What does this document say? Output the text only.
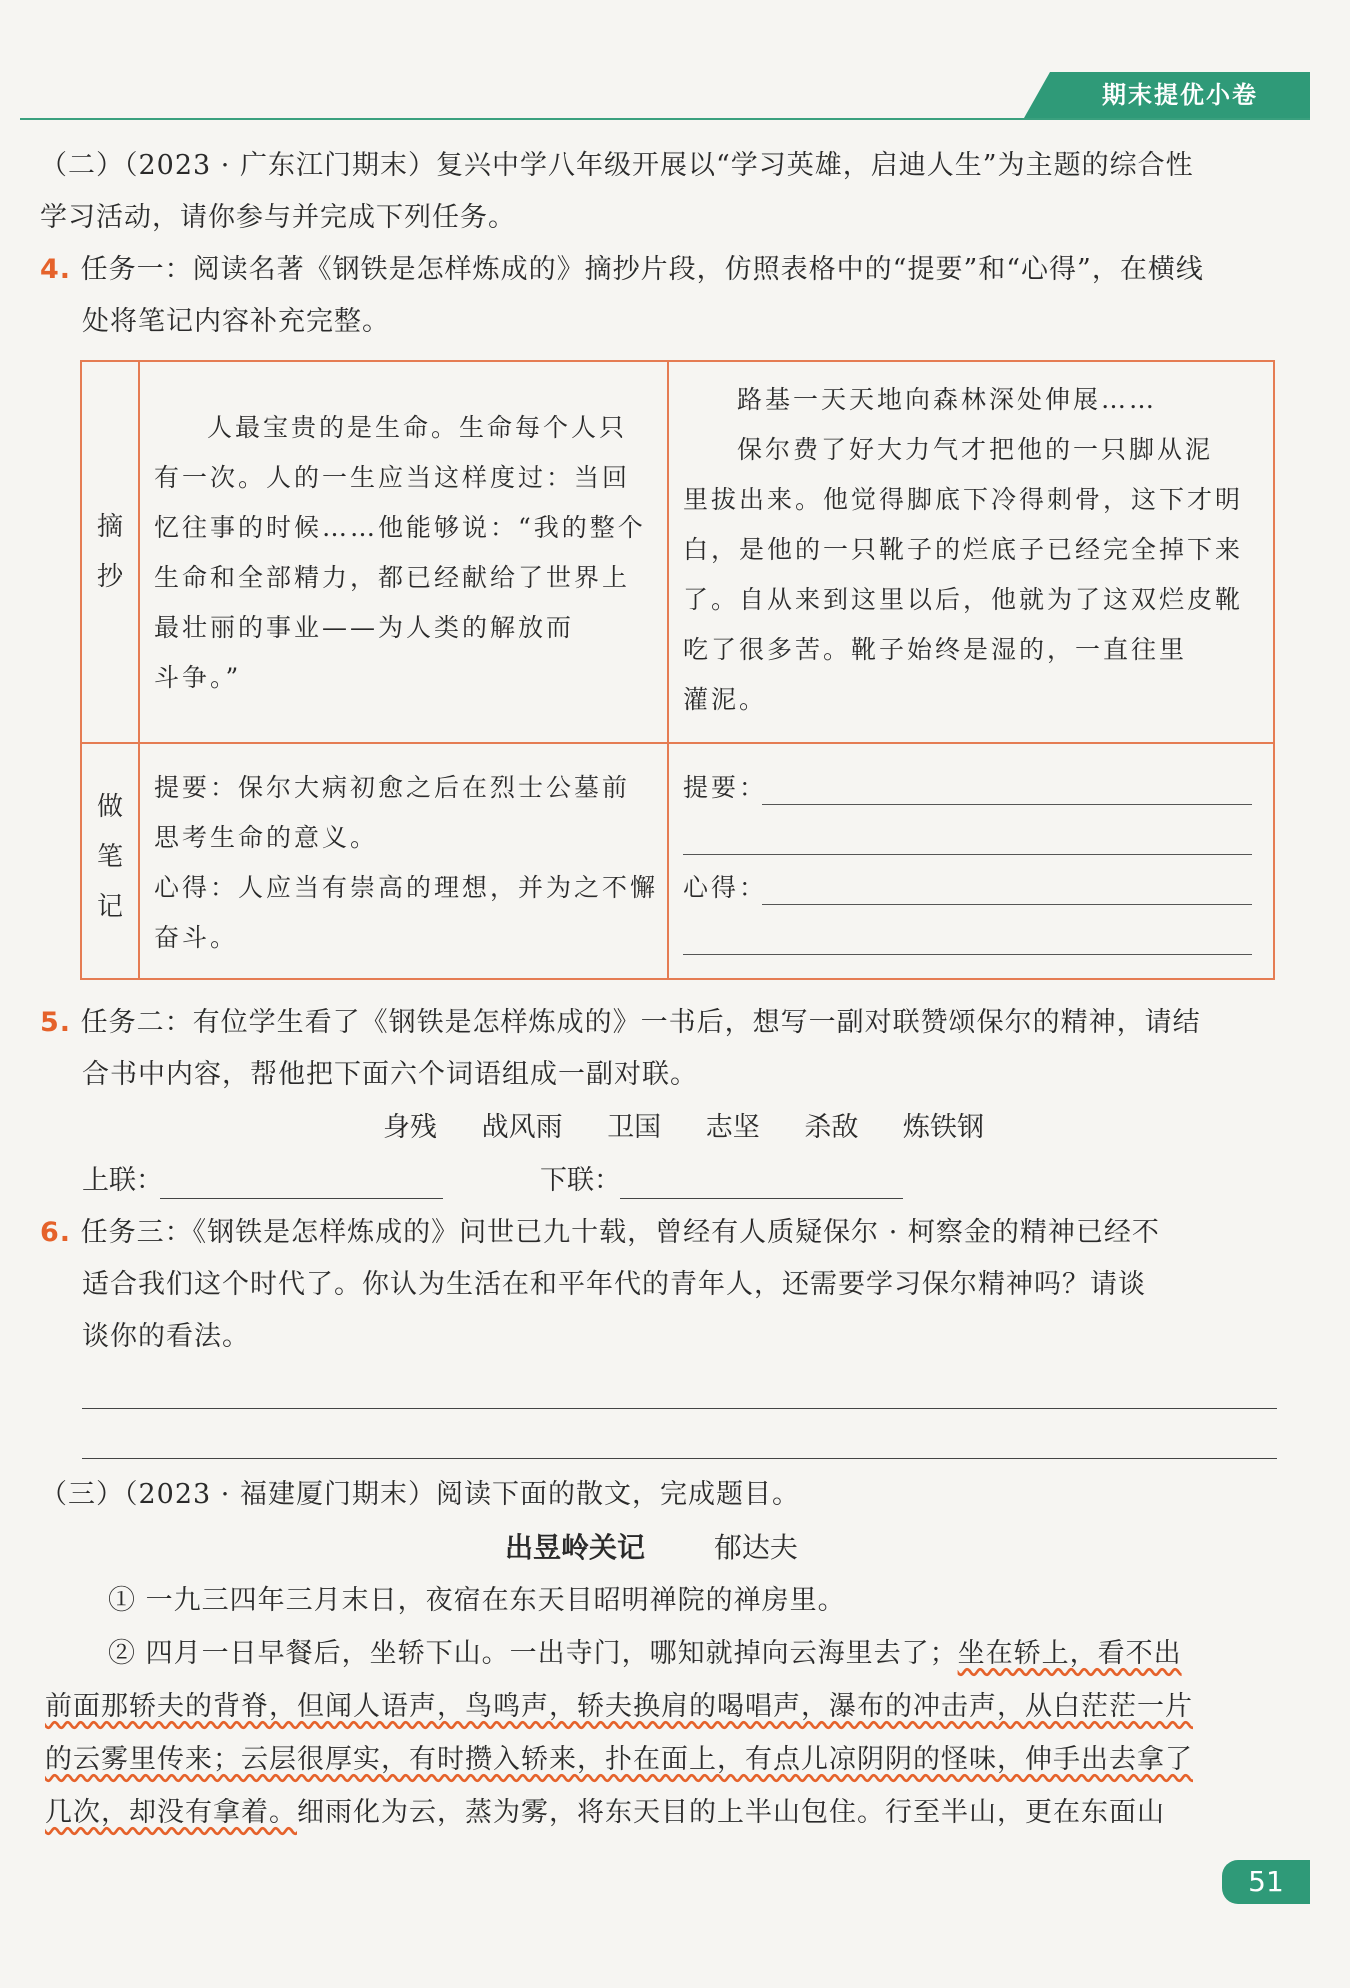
期末提优小卷
（二）（2023 · 广东江门期末）复兴中学八年级开展以“学习英雄，启迪人生”为主题的综合性
学习活动，请你参与并完成下列任务。
4. 任务一：阅读名著《钢铁是怎样炼成的》摘抄片段，仿照表格中的“提要”和“心得”，在横线
处将笔记内容补充完整。
摘
抄
做
笔
记
人最宝贵的是生命。生命每个人只
有一次。人的一生应当这样度过：当回
忆往事的时候……他能够说：“我的整个
生命和全部精力，都已经献给了世界上
最壮丽的事业——为人类的解放而
斗争。”
路基一天天地向森林深处伸展……
保尔费了好大力气才把他的一只脚从泥
里拔出来。他觉得脚底下冷得刺骨，这下才明
白，是他的一只靴子的烂底子已经完全掉下来
了。自从来到这里以后，他就为了这双烂皮靴
吃了很多苦。靴子始终是湿的，一直往里
灌泥。
提要：保尔大病初愈之后在烈士公墓前
思考生命的意义。
心得：人应当有崇高的理想，并为之不懈
奋斗。
提要：
心得：
5. 任务二：有位学生看了《钢铁是怎样炼成的》一书后，想写一副对联赞颂保尔的精神，请结
合书中内容，帮他把下面六个词语组成一副对联。
身残 战风雨 卫国 志坚 杀敌 炼铁钢
上联：	下联：
6. 任务三：《钢铁是怎样炼成的》问世已九十载，曾经有人质疑保尔 · 柯察金的精神已经不
适合我们这个时代了。你认为生活在和平年代的青年人，还需要学习保尔精神吗？请谈
谈你的看法。
（三）（2023 · 福建厦门期末）阅读下面的散文，完成题目。
出昱岭关记 郁达夫
① 一九三四年三月末日，夜宿在东天目昭明禅院的禅房里。
② 四月一日早餐后，坐轿下山。一出寺门，哪知就掉向云海里去了；坐在轿上，看不出
前面那轿夫的背脊，但闻人语声，鸟鸣声，轿夫换肩的喝唱声，瀑布的冲击声，从白茫茫一片
的云雾里传来；云层很厚实，有时攒入轿来，扑在面上，有点儿凉阴阴的怪味，伸手出去拿了
几次，却没有拿着。细雨化为云，蒸为雾，将东天目的上半山包住。行至半山，更在东面山
51
